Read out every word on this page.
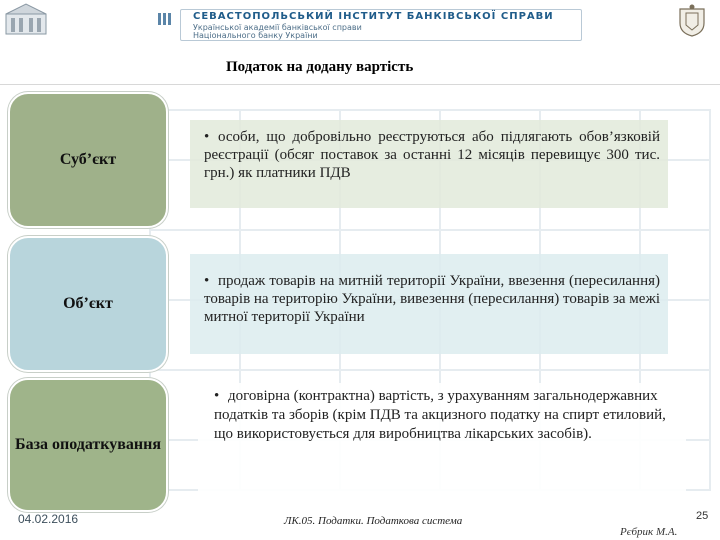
СЕВАСТОПОЛЬСЬКИЙ ІНСТИТУТ БАНКІВСЬКОЇ СПРАВИ
Української академії банківської справи
Національного банку України
Податок на додану вартість
Суб’єкт
• особи, що добровільно реєструються або підлягають обов’язковій реєстрації (обсяг поставок за останні 12 місяців перевищує 300 тис. грн.) як платники ПДВ
Об’єкт
• продаж товарів на митній території України, ввезення (пересилання) товарів на територію України, вивезення (пересилання) товарів за межі митної території України
База оподаткування
• договірна (контрактна) вартість, з урахуванням загальнодержавних податків та зборів (крім ПДВ та акцизного податку на спирт етиловий, що використовується для виробництва лікарських засобів).
04.02.2016	ЛК.05. Податки. Податкова система	25
Рєбрик М.А.
